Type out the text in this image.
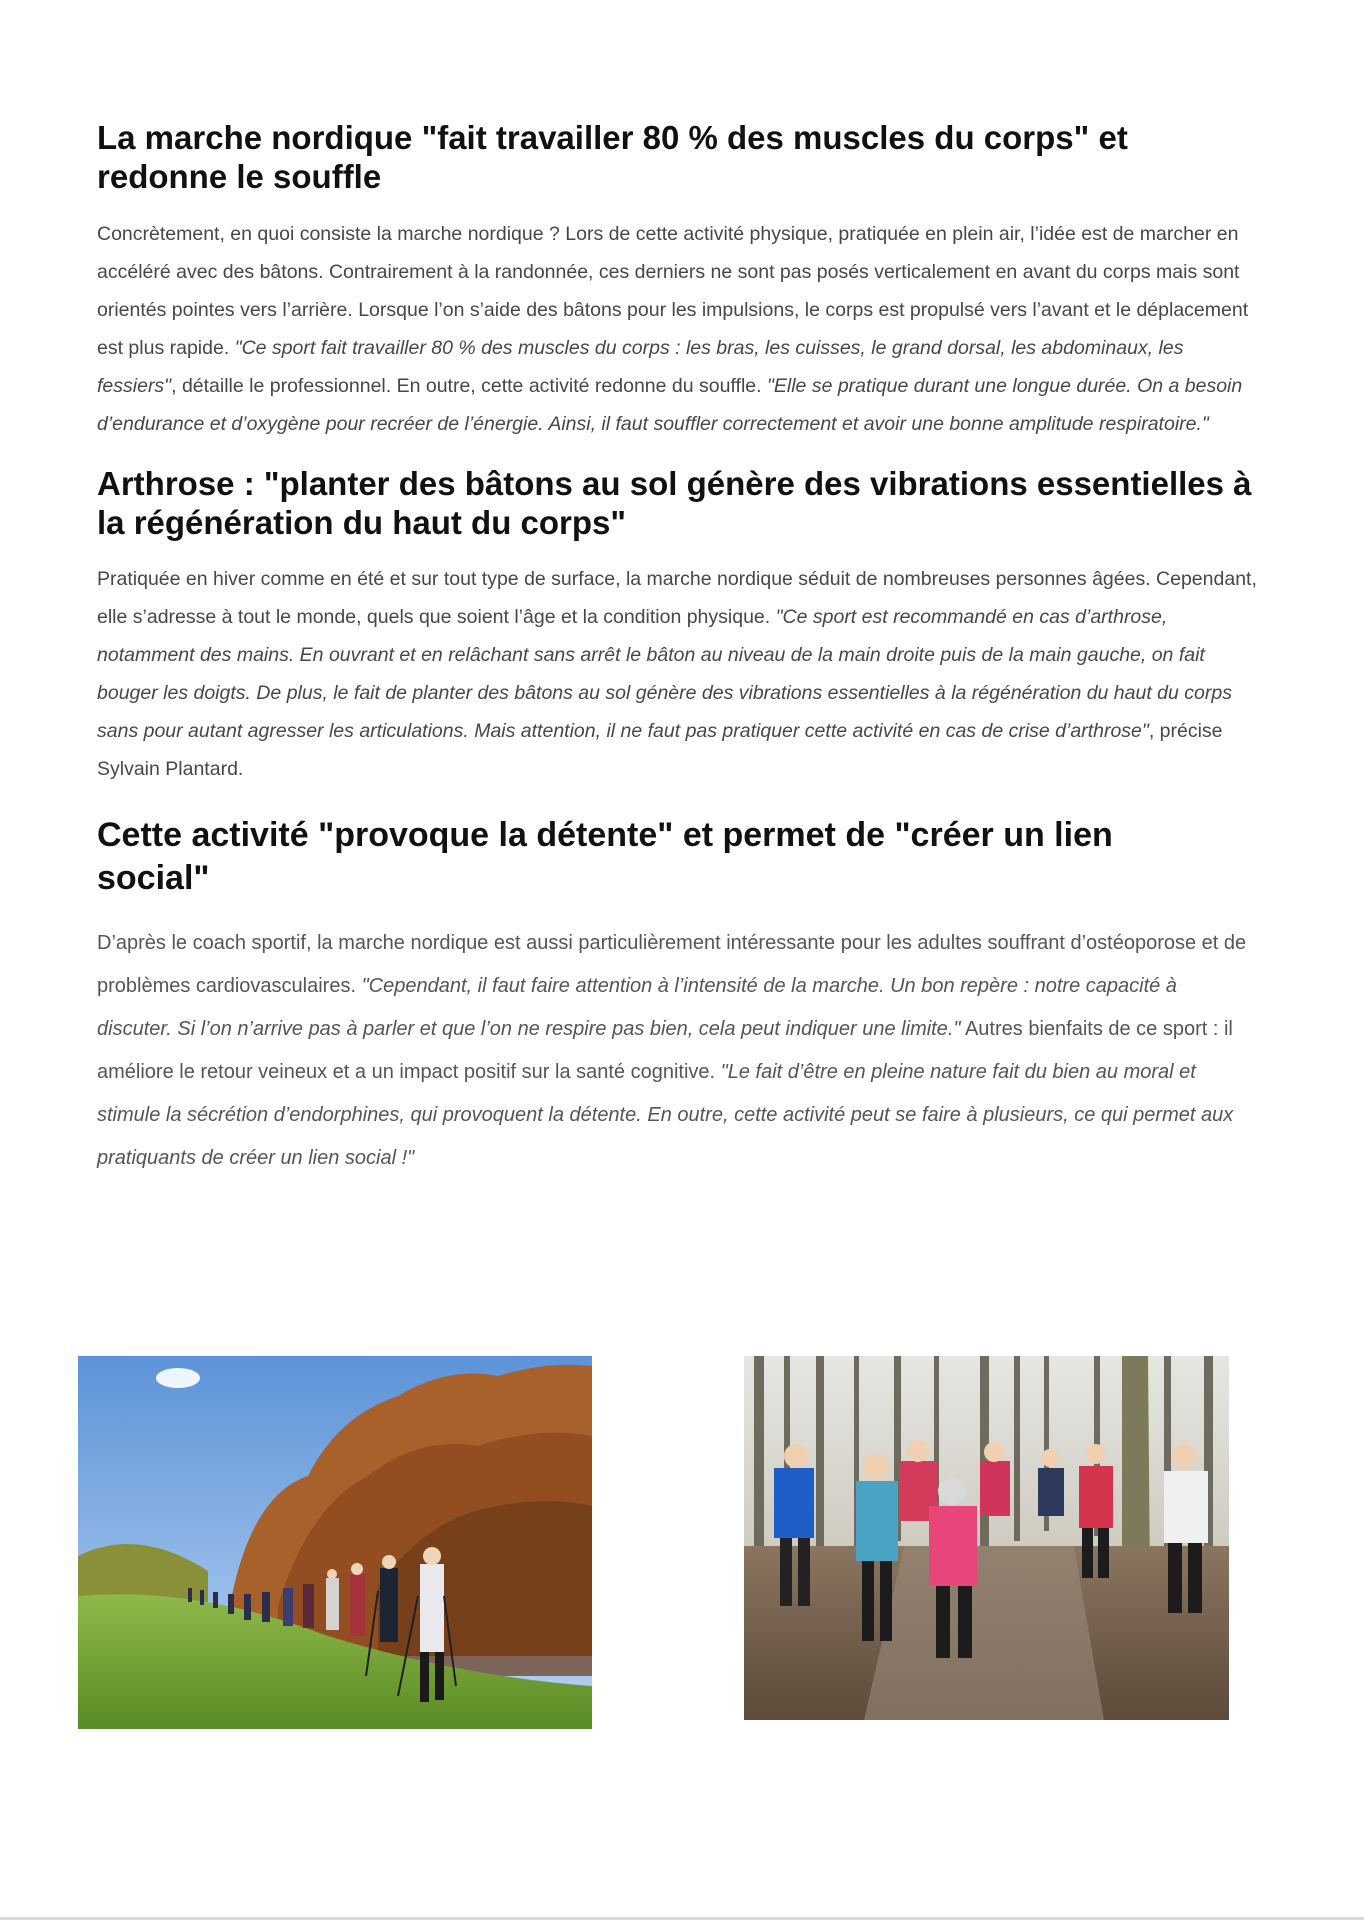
La marche nordique "fait travailler 80 % des muscles du corps" et redonne le souffle

Concrètement, en quoi consiste la marche nordique ? Lors de cette activité physique, pratiquée en plein air, l’idée est de marcher en accéléré avec des bâtons. Contrairement à la randonnée, ces derniers ne sont pas posés verticalement en avant du corps mais sont orientés pointes vers l’arrière. Lorsque l’on s’aide des bâtons pour les impulsions, le corps est propulsé vers l’avant et le déplacement est plus rapide. "Ce sport fait travailler 80 % des muscles du corps : les bras, les cuisses, le grand dorsal, les abdominaux, les fessiers", détaille le professionnel. En outre, cette activité redonne du souffle. "Elle se pratique durant une longue durée. On a besoin d’endurance et d’oxygène pour recréer de l’énergie. Ainsi, il faut souffler correctement et avoir une bonne amplitude respiratoire."

Arthrose : "planter des bâtons au sol génère des vibrations essentielles à la régénération du haut du corps"

Pratiquée en hiver comme en été et sur tout type de surface, la marche nordique séduit de nombreuses personnes âgées. Cependant, elle s’adresse à tout le monde, quels que soient l’âge et la condition physique. "Ce sport est recommandé en cas d’arthrose, notamment des mains. En ouvrant et en relâchant sans arrêt le bâton au niveau de la main droite puis de la main gauche, on fait bouger les doigts. De plus, le fait de planter des bâtons au sol génère des vibrations essentielles à la régénération du haut du corps sans pour autant agresser les articulations. Mais attention, il ne faut pas pratiquer cette activité en cas de crise d’arthrose", précise Sylvain Plantard.

Cette activité "provoque la détente" et permet de "créer un lien social"

D’après le coach sportif, la marche nordique est aussi particulièrement intéressante pour les adultes souffrant d’ostéoporose et de problèmes cardiovasculaires. "Cependant, il faut faire attention à l’intensité de la marche. Un bon repère : notre capacité à discuter. Si l’on n’arrive pas à parler et que l’on ne respire pas bien, cela peut indiquer une limite." Autres bienfaits de ce sport : il améliore le retour veineux et a un impact positif sur la santé cognitive. "Le fait d’être en pleine nature fait du bien au moral et stimule la sécrétion d’endorphines, qui provoquent la détente. En outre, cette activité peut se faire à plusieurs, ce qui permet aux pratiquants de créer un lien social !"
